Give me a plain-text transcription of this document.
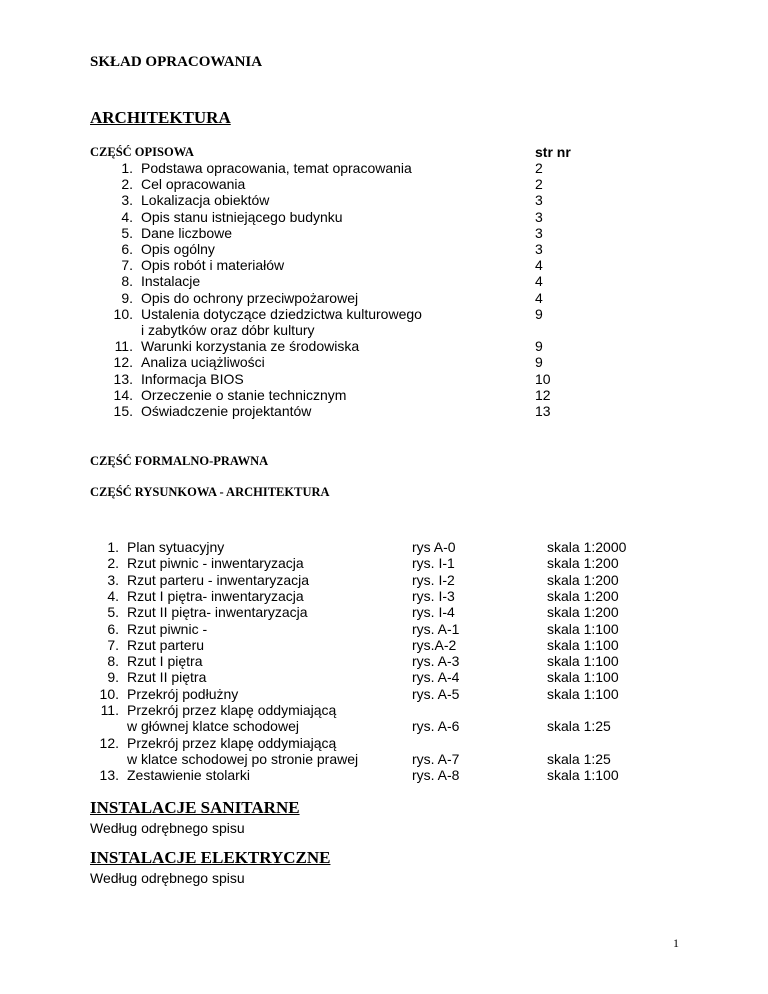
SKŁAD OPRACOWANIA
ARCHITEKTURA
CZĘŚĆ OPISOWA	str nr
1. Podstawa opracowania, temat opracowania	2
2. Cel opracowania	2
3. Lokalizacja obiektów	3
4. Opis stanu istniejącego budynku	3
5. Dane liczbowe	3
6. Opis ogólny	3
7. Opis robót i materiałów	4
8. Instalacje	4
9. Opis do ochrony przeciwpożarowej	4
10. Ustalenia dotyczące dziedzictwa kulturowego	9
i zabytków oraz dóbr kultury
11. Warunki korzystania ze środowiska	9
12. Analiza uciążliwości	9
13. Informacja BIOS	10
14. Orzeczenie o stanie technicznym	12
15. Oświadczenie projektantów	13
CZĘŚĆ FORMALNO-PRAWNA
CZĘŚĆ RYSUNKOWA - ARCHITEKTURA
1. Plan sytuacyjny	rys A-0	skala 1:2000
2. Rzut piwnic - inwentaryzacja	rys. I-1	skala 1:200
3. Rzut parteru - inwentaryzacja	rys. I-2	skala 1:200
4. Rzut I piętra- inwentaryzacja	rys. I-3	skala 1:200
5. Rzut II piętra- inwentaryzacja	rys. I-4	skala 1:200
6. Rzut piwnic -	rys. A-1	skala 1:100
7. Rzut parteru	rys.A-2	skala 1:100
8. Rzut I piętra	rys. A-3	skala 1:100
9. Rzut II piętra	rys. A-4	skala 1:100
10. Przekrój podłużny	rys. A-5	skala 1:100
11. Przekrój przez klapę oddymiającą
w głównej klatce schodowej	rys. A-6	skala 1:25
12. Przekrój przez klapę oddymiającą
w klatce schodowej po stronie prawej	rys. A-7	skala 1:25
13. Zestawienie stolarki	rys. A-8	skala 1:100
INSTALACJE SANITARNE
Według odrębnego spisu
INSTALACJE ELEKTRYCZNE
Według odrębnego spisu
1
